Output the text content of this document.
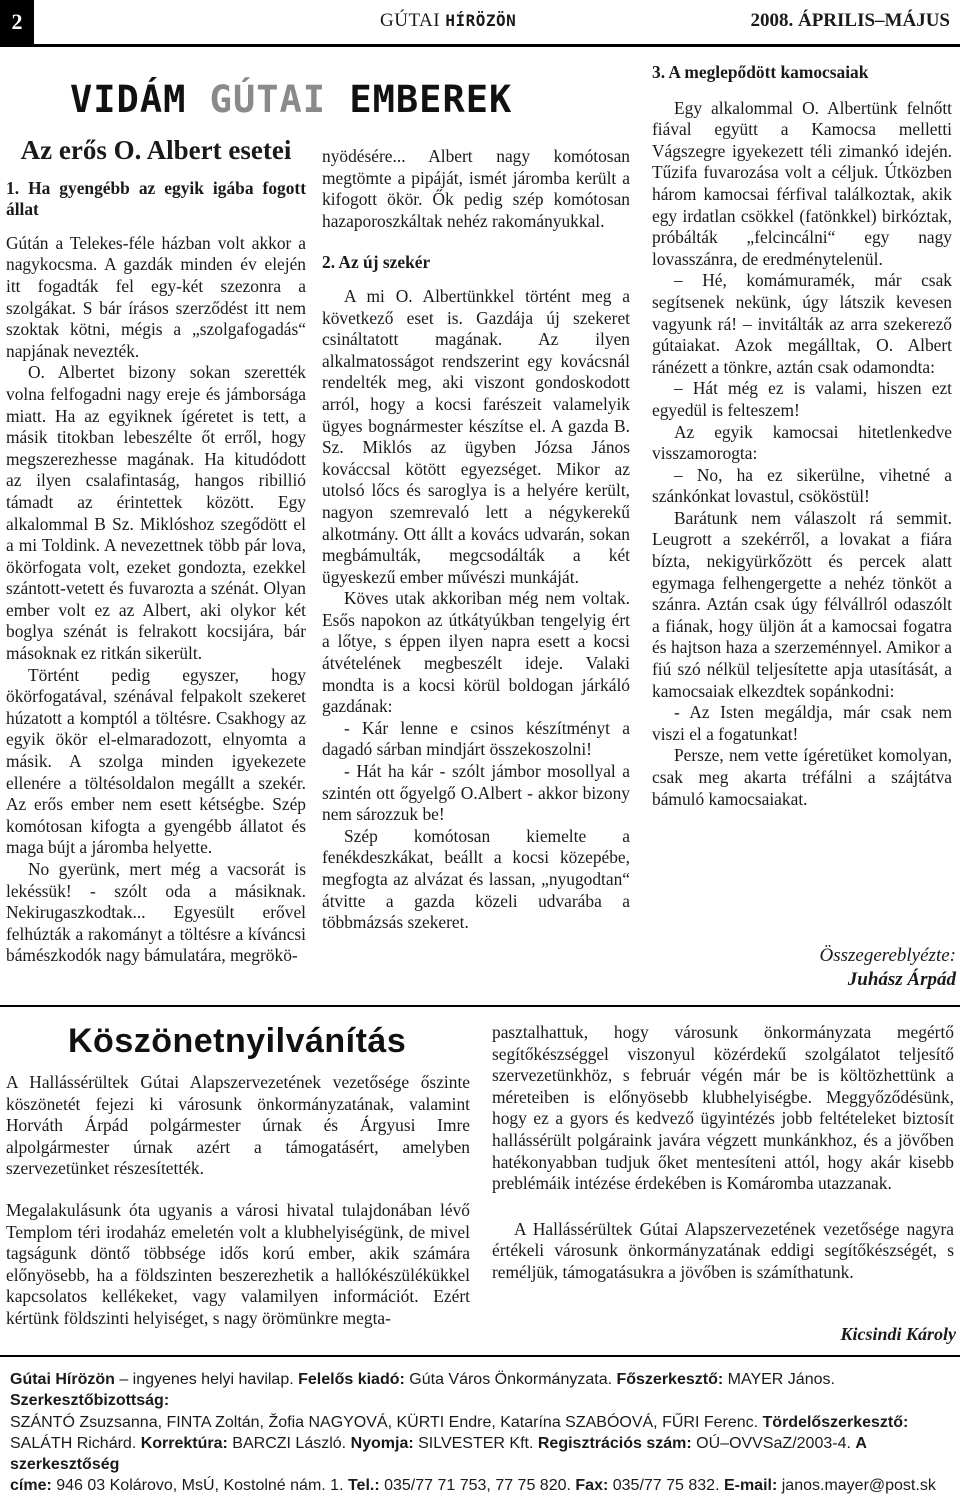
2	GÚTAI HÍRÖZÖN	2008. ÁPRILIS–MÁJUS
VIDÁM GÚTAI EMBEREK

Az erős O. Albert esetei

1. Ha gyengébb az egyik igába fogott állat

Gútán a Telekes-féle házban volt akkor a nagykocsma. A gazdák minden év elején itt fogadták fel egy-két szezonra a szolgákat. S bár írásos szerződést itt nem szoktak kötni, mégis a „szolgafogadás“ napjának nevezték.

O. Albertet bizony sokan szerették volna felfogadni nagy ereje és jámborsága miatt. Ha az egyiknek ígéretet is tett, a másik titokban lebeszélte őt erről, hogy megszerezhesse magának. Ha kitudódott az ilyen csalafintaság, hangos ribillió támadt az érintettek között. Egy alkalommal B Sz. Miklóshoz szegődött el a mi Toldink. A nevezettnek több pár lova, ökörfogata volt, ezeket gondozta, ezekkel szántott-vetett és fuvarozta a szénát. Olyan ember volt ez az Albert, aki olykor két boglya szénát is felrakott kocsijára, bár másoknak ez ritkán sikerült.

Történt pedig egyszer, hogy ökörfogatával, szénával felpakolt szekeret húzatott a komptól a töltésre. Csakhogy az egyik ökör el-elmaradozott, elnyomta a másik. A szolga minden igyekezete ellenére a töltésoldalon megállt a szekér. Az erős ember nem esett kétségbe. Szép komótosan kifogta a gyengébb állatot és maga bújt a járomba helyette.

No gyerünk, mert még a vacsorát is lekéssük! - szólt oda a másiknak. Nekirugaszkodtak... Egyesült erővel felhúzták a rakományt a töltésre a kíváncsi bámészkodók nagy bámulatára, megrökö-

nyödésére... Albert nagy komótosan megtömte a pipáját, ismét járomba került a kifogott ökör. Ők pedig szép komótosan hazaporoszkáltak nehéz rakományukkal.

2. Az új szekér

A mi O. Albertünkkel történt meg a következő eset is. Gazdája új szekeret csináltatott magának. Az ilyen alkalmatosságot rendszerint egy kovácsnál rendelték meg, aki viszont gondoskodott arról, hogy a kocsi farészeit valamelyik ügyes bognármester készítse el. A gazda B. Sz. Miklós az ügyben Józsa János kováccsal kötött egyezséget. Mikor az utolsó lőcs és saroglya is a helyére került, nagyon szemrevaló lett a négykerekű alkotmány. Ott állt a kovács udvarán, sokan megbámulták, megcsodálták a két ügyeskezű ember művészi munkáját.

Köves utak akkoriban még nem voltak. Esős napokon az útkátyúkban tengelyig ért a lőtye, s éppen ilyen napra esett a kocsi átvételének megbeszélt ideje. Valaki mondta is a kocsi körül boldogan járkáló gazdának:

- Kár lenne e csinos készítményt a dagadó sárban mindjárt összekoszolni!

- Hát ha kár - szólt jámbor mosollyal a szintén ott őgyelgő O.Albert - akkor bizony nem sározzuk be!

Szép komótosan kiemelte a fenékdeszkákat, beállt a kocsi közepébe, megfogta az alvázat és lassan, „nyugodtan“ átvitte a gazda közeli udvarába a többmázsás szekeret.

3. A meglepődött kamocsaiak

Egy alkalommal O. Albertünk felnőtt fiával együtt a Kamocsa melletti Vágszegre igyekezett téli zimankó idején. Tűzifa fuvarozása volt a céljuk. Útközben három kamocsai férfival találkoztak, akik egy irdatlan csökkel (fatönkkel) birkóztak, próbálták „felcincálni“ egy nagy lovasszánra, de eredménytelenül.

– Hé, komámuramék, már csak segítsenek nekünk, úgy látszik kevesen vagyunk rá! – invitálták az arra szekerező gútaiakat. Azok megálltak, O. Albert ránézett a tönkre, aztán csak odamondta:

– Hát még ez is valami, hiszen ezt egyedül is felteszem!

Az egyik kamocsai hitetlenkedve visszamorogta:

– No, ha ez sikerülne, vihetné a szánkónkat lovastul, csököstül!

Barátunk nem válaszolt rá semmit. Leugrott a szekérről, a lovakat a fiára bízta, nekigyürkőzött és percek alatt egymaga felhengergette a nehéz tönköt a szánra. Aztán csak úgy félvállról odaszólt a fiának, hogy üljön át a kamocsai fogatra és hajtson haza a szerzeménnyel. Amikor a fiú szó nélkül teljesítette apja utasítását, a kamocsaiak elkezdtek sopánkodni:

- Az Isten megáldja, már csak nem viszi el a fogatunkat!

Persze, nem vette ígéretüket komolyan, csak meg akarta tréfálni a szájtátva bámuló kamocsaiakat.

Összegereblyézte:
Juhász Árpád
Köszönetnyilvánítás

A Hallássérültek Gútai Alapszervezetének vezetősége őszinte köszönetét fejezi ki városunk önkormányzatának, valamint Horváth Árpád polgármester úrnak és Árgyusi Imre alpolgármester úrnak azért a támogatásért, amelyben szervezetünket részesítették.

Megalakulásunk óta ugyanis a városi hivatal tulajdonában lévő Templom téri irodaház emeletén volt a klubhelyiségünk, de mivel tagságunk döntő többsége idős korú ember, akik számára előnyösebb, ha a földszinten beszerezhetik a hallókészülékükkel kapcsolatos kellékeket, vagy valamilyen információt. Ezért kértünk földszinti helyiséget, s nagy örömünkre megta-

pasztalhattuk, hogy városunk önkormányzata megértő segítőkészséggel viszonyul közérdekű szolgálatot teljesítő szervezetünkhöz, s február végén már be is költözhettünk a méreteiben is előnyösebb klubhelyiségbe. Meggyőződésünk, hogy ez a gyors és kedvező ügyintézés jobb feltételeket biztosít hallássérült polgáraink javára végzett munkánkhoz, és a jövőben hatékonyabban tudjuk őket mentesíteni attól, hogy akár kisebb preblémáik intézése érdekében is Komáromba utazzanak.

A Hallássérültek Gútai Alapszervezetének vezetősége nagyra értékeli városunk önkormányzatának eddigi segítőkészségét, s reméljük, támogatásukra a jövőben is számíthatunk.

Kicsindi Károly
Gútai Hírözön – ingyenes helyi havilap. Felelős kiadó: Gúta Város Önkormányzata. Főszerkesztő: MAYER János. Szerkesztőbizottság:
SZÁNTÓ Zsuzsanna, FINTA Zoltán, Žofia NAGYOVÁ, KÜRTI Endre, Katarína SZABÓOVÁ, FŰRI Ferenc. Tördelőszerkesztő:
SALÁTH Richárd. Korrektúra: BARCZI László. Nyomja: SILVESTER Kft. Regisztrációs szám: OÚ–OVVSaZ/2003-4. A szerkesztőség
címe: 946 03 Kolárovo, MsÚ, Kostolné nám. 1. Tel.: 035/77 71 753, 77 75 820. Fax: 035/77 75 832. E-mail: janos.mayer@post.sk
